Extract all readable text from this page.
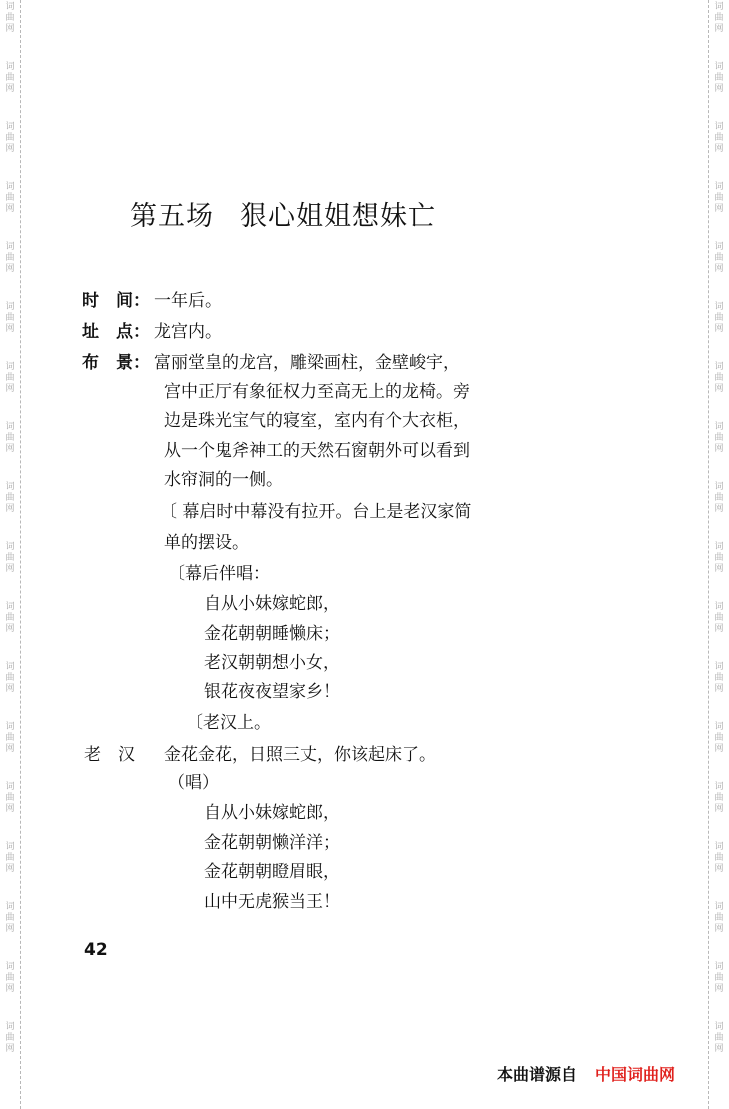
词曲网
词曲网
词曲网
词曲网
词曲网
词曲网
词曲网
词曲网
词曲网
词曲网
词曲网
词曲网
词曲网
词曲网
词曲网
词曲网
词曲网
词曲网
词曲网
词曲网
词曲网
词曲网
词曲网
词曲网
词曲网
词曲网
词曲网
词曲网
词曲网
词曲网
词曲网
词曲网
词曲网
词曲网
词曲网
词曲网
第五场 狠心姐姐想妹亡
时　间： 一年后。
址　点： 龙宫内。
布　景： 富丽堂皇的龙宫，雕梁画柱，金壁峻宇，
宫中正厅有象征权力至高无上的龙椅。旁
边是珠光宝气的寝室，室内有个大衣柜，
从一个鬼斧神工的天然石窗朝外可以看到
水帘洞的一侧。
〔 幕启时中幕没有拉开。台上是老汉家简
单的摆设。
〔幕后伴唱：
自从小妹嫁蛇郎，
金花朝朝睡懒床；
老汉朝朝想小女，
银花夜夜望家乡！
〔老汉上。
老　汉 金花金花，日照三丈，你该起床了。
（唱）
自从小妹嫁蛇郎，
金花朝朝懒洋洋；
金花朝朝瞪眉眼，
山中无虎猴当王！
42
本曲谱源自 中国词曲网
